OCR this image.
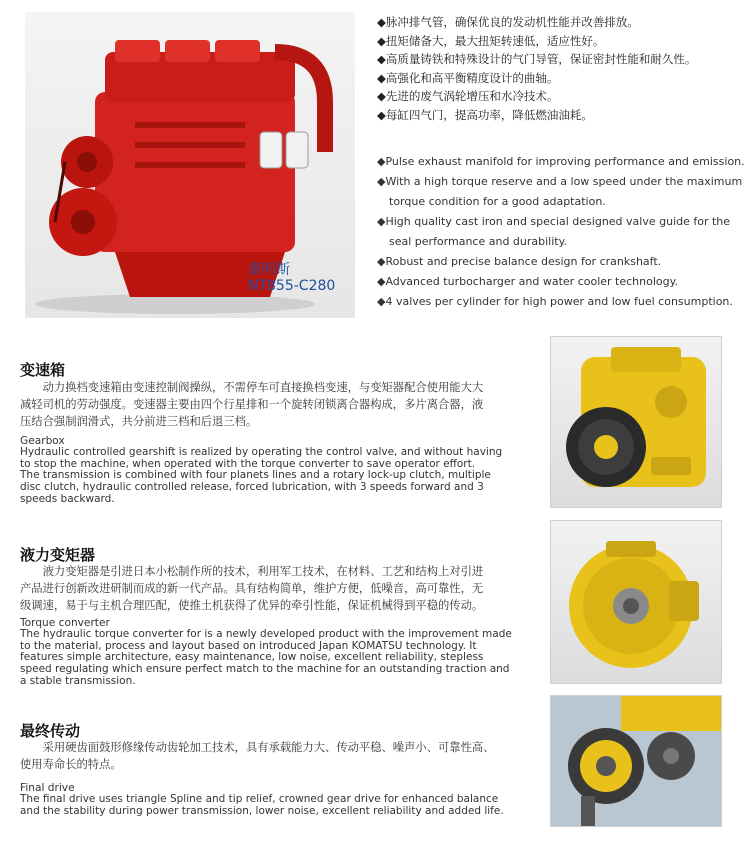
康明斯
NT855-C280
◆脉冲排气管，确保优良的发动机性能并改善排放。
◆扭矩储备大，最大扭矩转速低，适应性好。
◆高质量铸铁和特殊设计的气门导管，保证密封性能和耐久性。
◆高强化和高平衡精度设计的曲轴。
◆先进的废气涡轮增压和水冷技术。
◆每缸四气门，提高功率，降低燃油油耗。
◆Pulse exhaust manifold for improving performance and emission.
◆With a high torque reserve and a low speed under the maximum
torque condition for a good adaptation.
◆High quality cast iron and special designed valve guide for the
seal performance and durability.
◆Robust and precise balance design for crankshaft.
◆Advanced turbocharger and water cooler technology.
◆4 valves per cylinder for high power and low fuel consumption.
变速箱
　　动力换档变速箱由变速控制阀操纵，不需停车可直接换档变速，与变矩器配合使用能大大
减轻司机的劳动强度。变速器主要由四个行星排和一个旋转闭锁离合器构成，多片离合器，液
压结合强制润滑式，共分前进三档和后退三档。
Gearbox
Hydraulic controlled gearshift is realized by operating the control valve, and without having
to stop the machine, when operated with the torque converter to save operator effort.
The transmission is combined with four planets lines and a rotary lock-up clutch, multiple
disc clutch, hydraulic controlled release, forced lubrication, with 3 speeds forward and 3
speeds backward.
液力变矩器
　　液力变矩器是引进日本小松制作所的技术，利用军工技术，在材料、工艺和结构上对引进
产品进行创新改进研制而成的新一代产品。具有结构简单，维护方便，低噪音，高可靠性，无
级调速，易于与主机合理匹配，使推土机获得了优异的牵引性能，保证机械得到平稳的传动。
Torque converter
The hydraulic torque converter for is a newly developed product with the improvement made
to the material, process and layout based on introduced Japan KOMATSU technology. It
features simple architecture, easy maintenance, low noise, excellent reliability, stepless
speed regulating which ensure perfect match to the machine for an outstanding traction and
a stable transmission.
最终传动
　　采用硬齿面鼓形修缘传动齿轮加工技术，具有承载能力大、传动平稳、噪声小、可靠性高、
使用寿命长的特点。
Final drive
The final drive uses triangle Spline and tip relief, crowned gear drive for enhanced balance
and the stability during power transmission, lower noise, excellent reliability and added life.
